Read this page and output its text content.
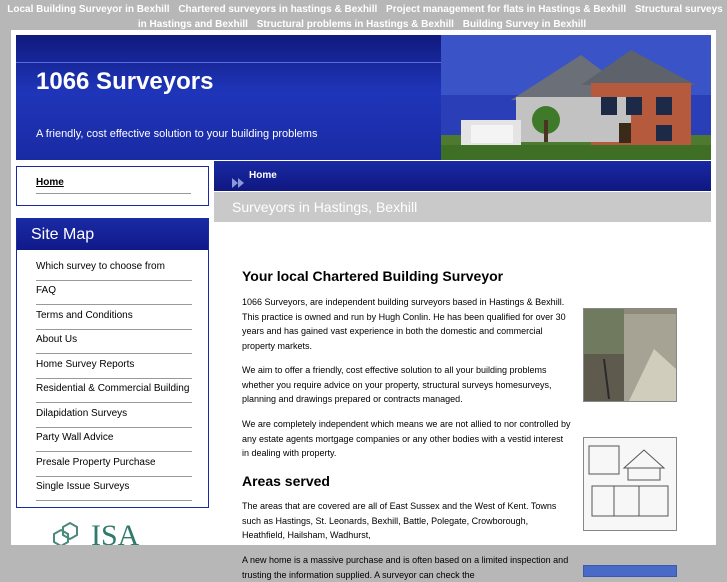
Local Building Surveyor in Bexhill Chartered surveyors in hastings & Bexhill Project management for flats in Hastings & Bexhill Structural surveys in Hastings and Bexhill Structural problems in Hastings & Bexhill Building Survey in Bexhill
1066 Surveyors
A friendly, cost effective solution to your building problems
Home
Site Map
Which survey to choose from
FAQ
Terms and Conditions
About Us
Home Survey Reports
Residential & Commercial Building
Dilapidation Surveys
Party Wall Advice
Presale Property Purchase
Single Issue Surveys
ISA
Home
Surveyors in Hastings, Bexhill
Your local Chartered Building Surveyor
1066 Surveyors, are independent building surveyors based in Hastings & Bexhill. This practice is owned and run by Hugh Conlin. He has been qualified for over 30 years and has gained vast experience in both the domestic and commercial property markets.
We aim to offer a friendly, cost effective solution to all your building problems whether you require advice on your property, structural surveys homesurveys, planning and drawings prepared or contracts managed.
We are completely independent which means we are not allied to nor controlled by any estate agents mortgage companies or any other bodies with a vestid interest in dealing with property.
Areas served
The areas that are covered are all of East Sussex and the West of Kent. Towns such as Hastings, St. Leonards, Bexhill, Battle, Polegate, Crowborough, Heathfield, Hailsham, Wadhurst,
A new home is a massive purchase and is often based on a limited inspection and trusting the information supplied. A surveyor can check the
